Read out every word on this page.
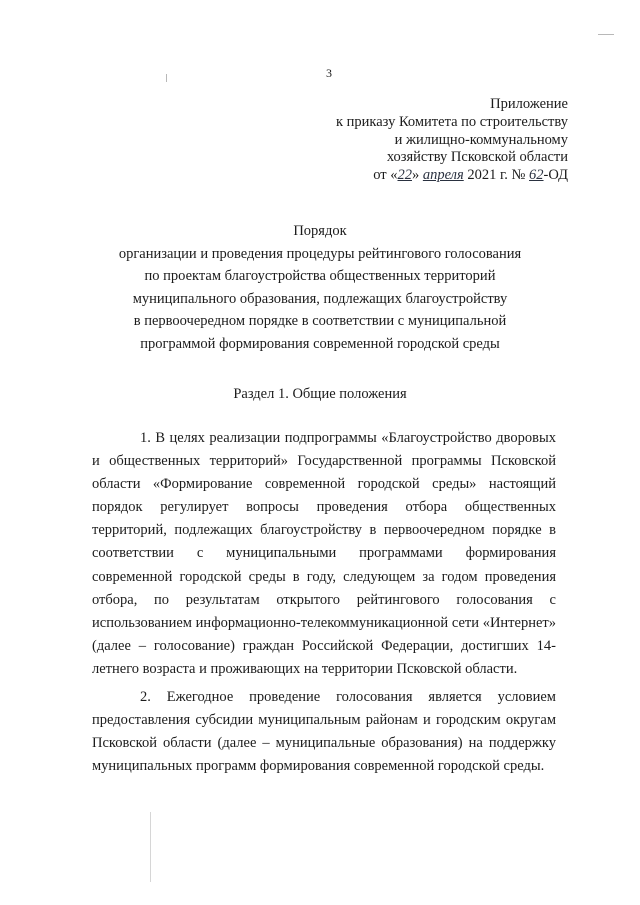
3
Приложение
к приказу Комитета по строительству
и жилищно-коммунальному
хозяйству Псковской области
от «22» апреля 2021 г. № 62-ОД
Порядок
организации и проведения процедуры рейтингового голосования
по проектам благоустройства общественных территорий
муниципального образования, подлежащих благоустройству
в первоочередном порядке в соответствии с муниципальной
программой формирования современной городской среды
Раздел 1. Общие положения

1. В целях реализации подпрограммы «Благоустройство дворовых и общественных территорий» Государственной программы Псковской области «Формирование современной городской среды» настоящий порядок регулирует вопросы проведения отбора общественных территорий, подлежащих благоустройству в первоочередном порядке в соответствии с муниципальными программами формирования современной городской среды в году, следующем за годом проведения отбора, по результатам открытого рейтингового голосования с использованием информационно-телекоммуникационной сети «Интернет» (далее – голосование) граждан Российской Федерации, достигших 14-летнего возраста и проживающих на территории Псковской области.

2. Ежегодное проведение голосования является условием предоставления субсидии муниципальным районам и городским округам Псковской области (далее – муниципальные образования) на поддержку муниципальных программ формирования современной городской среды.
